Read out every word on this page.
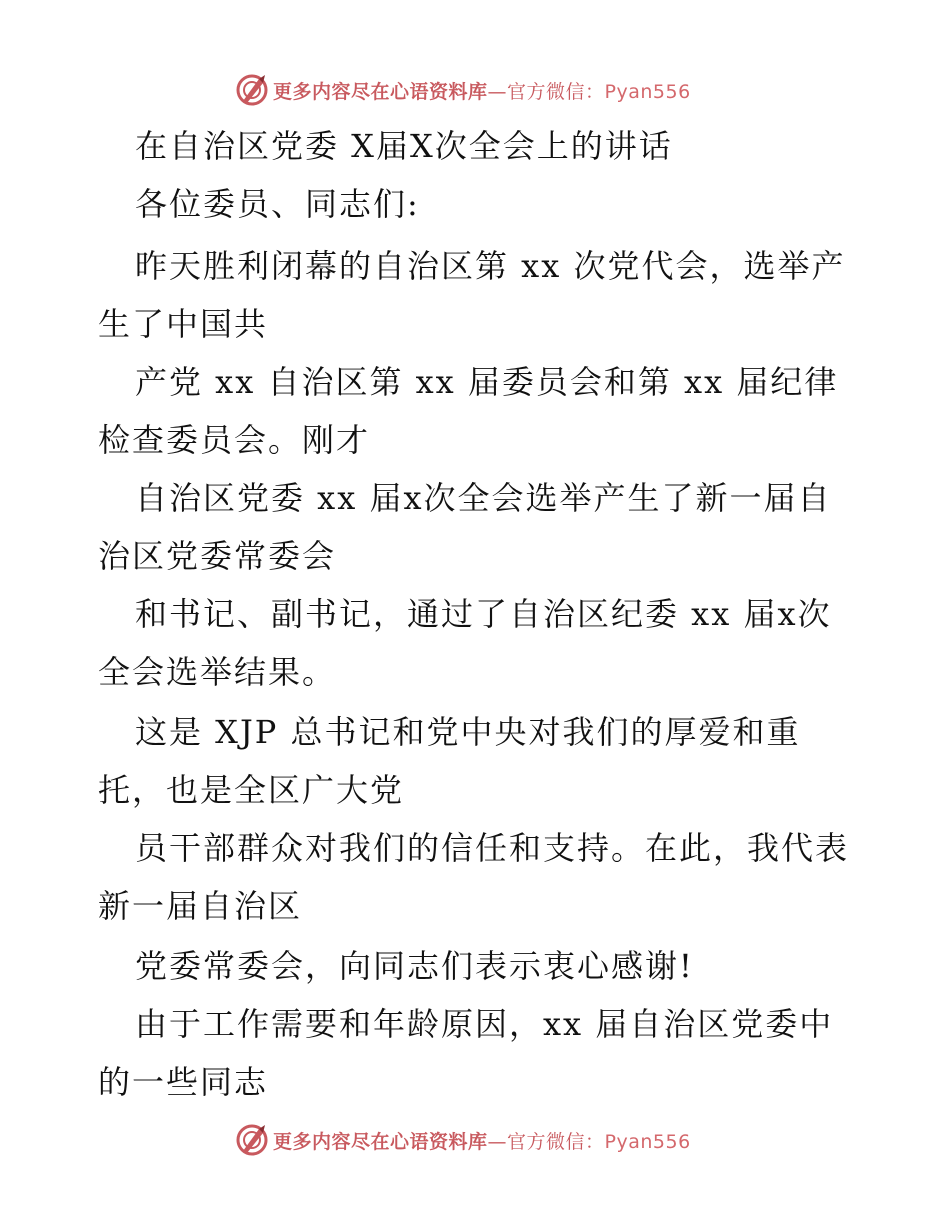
更多内容尽在心语资料库—官方微信：Pyan556
在自治区党委 X届X次全会上的讲话
各位委员、同志们:
昨天胜利闭幕的自治区第 xx 次党代会，选举产
生了中国共
产党 xx 自治区第 xx 届委员会和第 xx 届纪律
检查委员会。刚才
自治区党委 xx 届x次全会选举产生了新一届自
治区党委常委会
和书记、副书记，通过了自治区纪委 xx 届x次
全会选举结果。
这是 XJP 总书记和党中央对我们的厚爱和重
托，也是全区广大党
员干部群众对我们的信任和支持。在此，我代表
新一届自治区
党委常委会，向同志们表示衷心感谢!
由于工作需要和年龄原因，xx 届自治区党委中
的一些同志
更多内容尽在心语资料库—官方微信：Pyan556
